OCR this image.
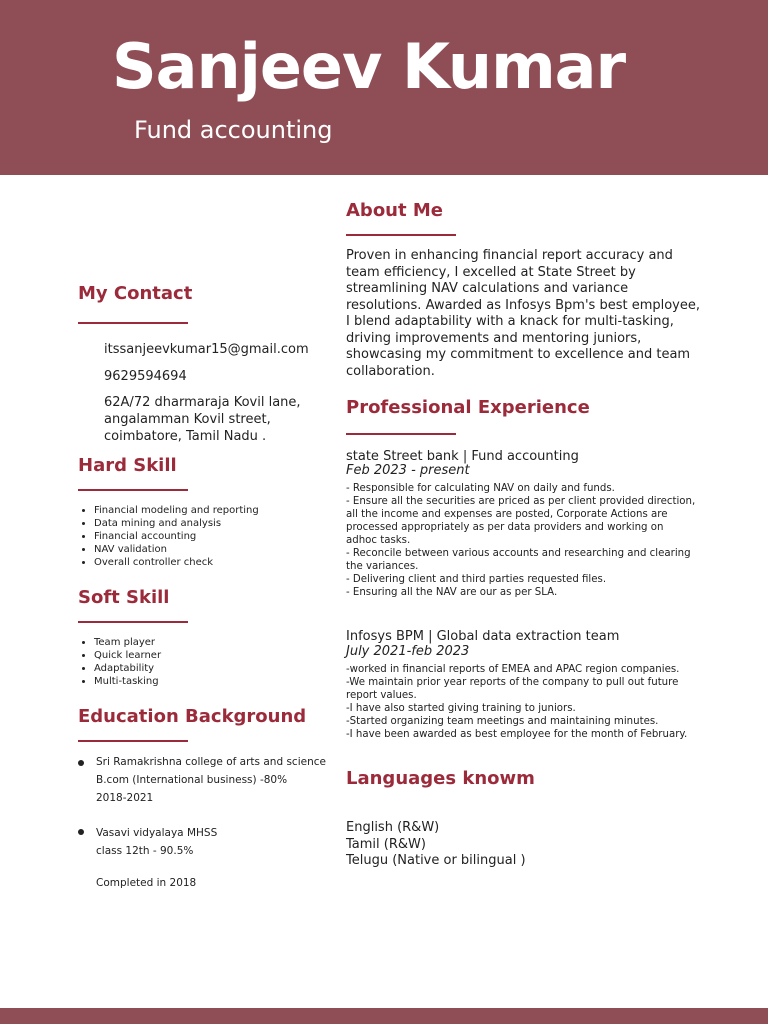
Sanjeev Kumar
Fund accounting
My Contact
itssanjeevkumar15@gmail.com
9629594694
62A/72 dharmaraja Kovil lane,
angalamman Kovil street,
coimbatore, Tamil Nadu .
Hard Skill
• Financial modeling and reporting
• Data mining and analysis
• Financial accounting
• NAV validation
• Overall controller check
Soft Skill
• Team player
• Quick learner
• Adaptability
• Multi-tasking
Education Background
Sri Ramakrishna college of arts and science
B.com (International business) -80%
2018-2021
Vasavi vidyalaya MHSS
class 12th - 90.5%
Completed in 2018
About Me
Proven in enhancing financial report accuracy and team efficiency, I excelled at State Street by streamlining NAV calculations and variance resolutions. Awarded as Infosys Bpm's best employee, I blend adaptability with a knack for multi-tasking, driving improvements and mentoring juniors, showcasing my commitment to excellence and team collaboration.
Professional Experience
state Street bank | Fund accounting
Feb 2023 - present
- Responsible for calculating NAV on daily and funds.
- Ensure all the securities are priced as per client provided direction,
all the income and expenses are posted, Corporate Actions are
processed appropriately as per data providers and working on
adhoc tasks.
- Reconcile between various accounts and researching and clearing
the variances.
- Delivering client and third parties requested files.
- Ensuring all the NAV are our as per SLA.
Infosys BPM | Global data extraction team
July 2021-feb 2023
-worked in financial reports of EMEA and APAC region companies.
-We maintain prior year reports of the company to pull out future
report values.
-I have also started giving training to juniors.
-Started organizing team meetings and maintaining minutes.
-I have been awarded as best employee for the month of February.
Languages knowm
English (R&W)
Tamil (R&W)
Telugu (Native or bilingual )
